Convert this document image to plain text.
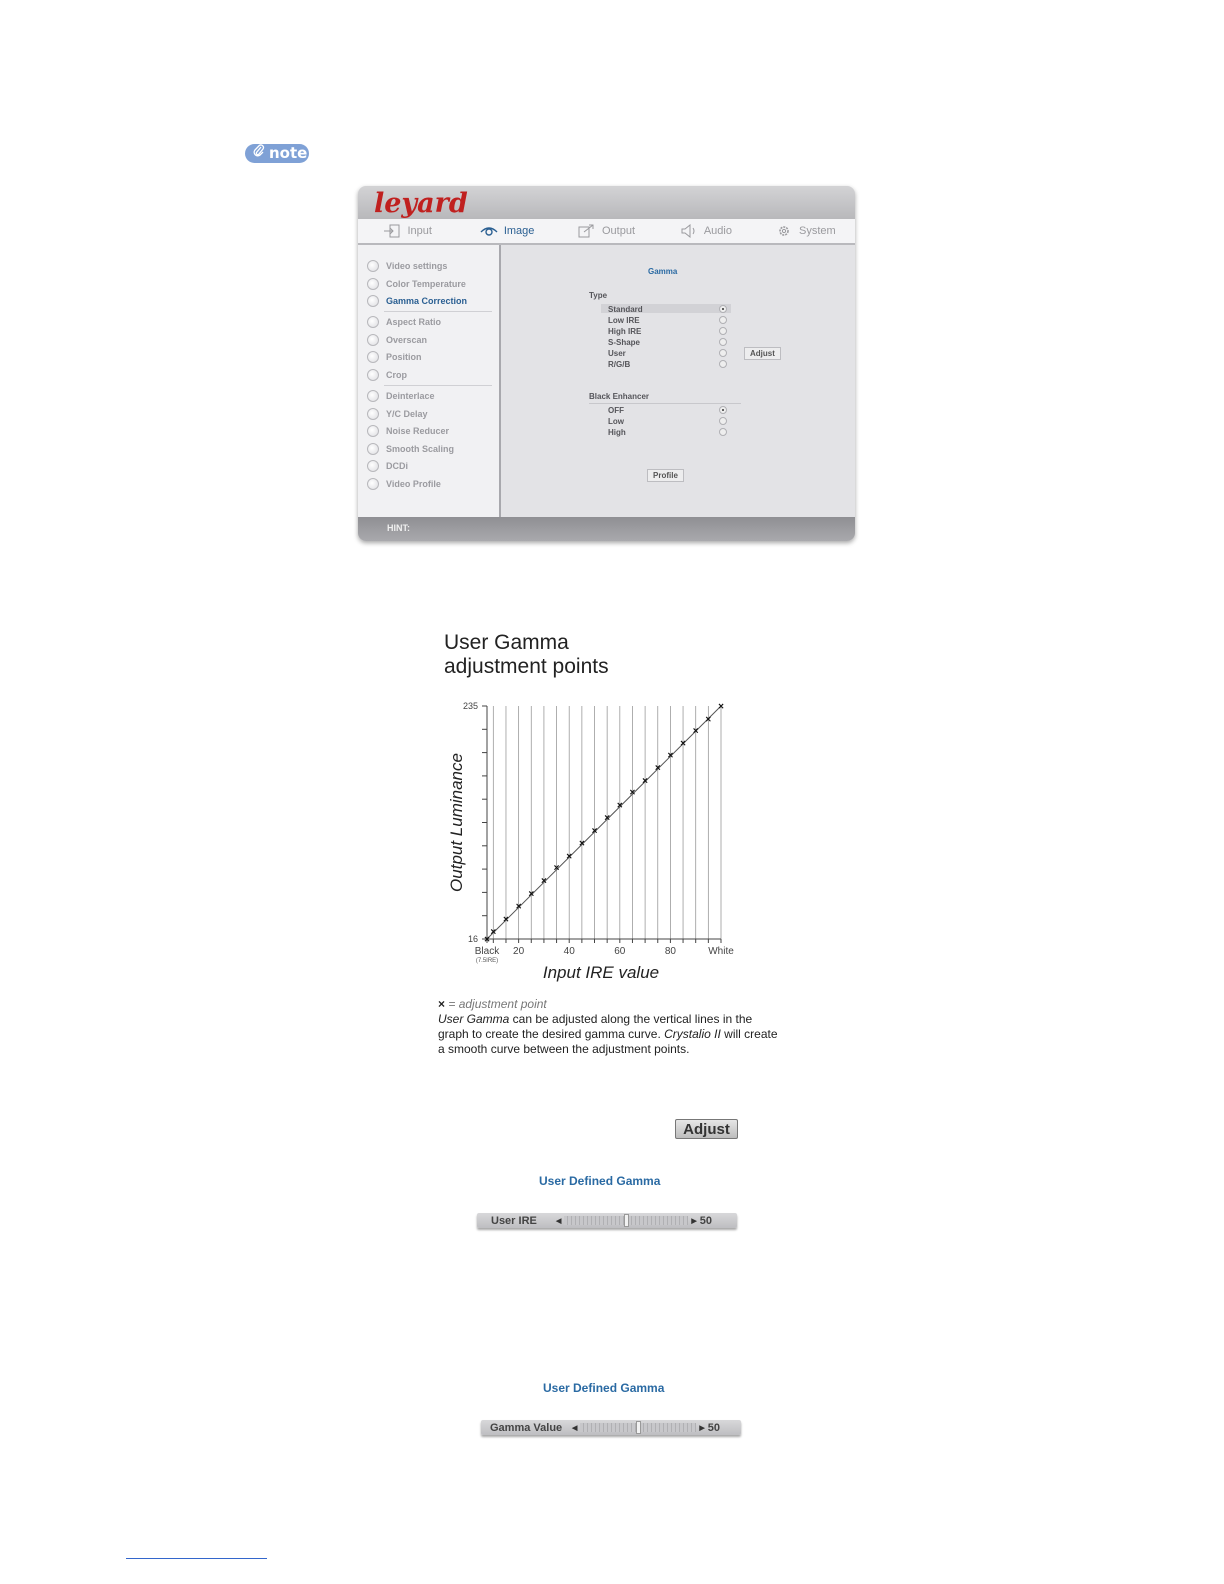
note
leyard
Input	Image	Output	Audio	System
Video settings
Color Temperature
Gamma Correction
Aspect Ratio
Overscan
Position
Crop
Deinterlace
Y/C Delay
Noise Reducer
Smooth Scaling
DCDi
Video Profile
Gamma
Type
Standard
Low IRE
High IRE
S-Shape
User
R/G/B
Adjust
Black Enhancer
OFF
Low
High
Profile
HINT:
User Gamma
adjustment points
×
×
×
×
×
×
×
×
×
×
×
×
×
×
×
×
×
×
×
×
235
16
Black 20	40	60	80	White
(7.5IRE)
Input IRE value
Output Luminance
× = adjustment point
User Gamma can be adjusted along the vertical lines in the graph to create the desired gamma curve. Crystalio II will create a smooth curve between the adjustment points.
Adjust
User Defined Gamma
User IRE	◀	▶ 50
User Defined Gamma
Gamma Value	◀	▶ 50
